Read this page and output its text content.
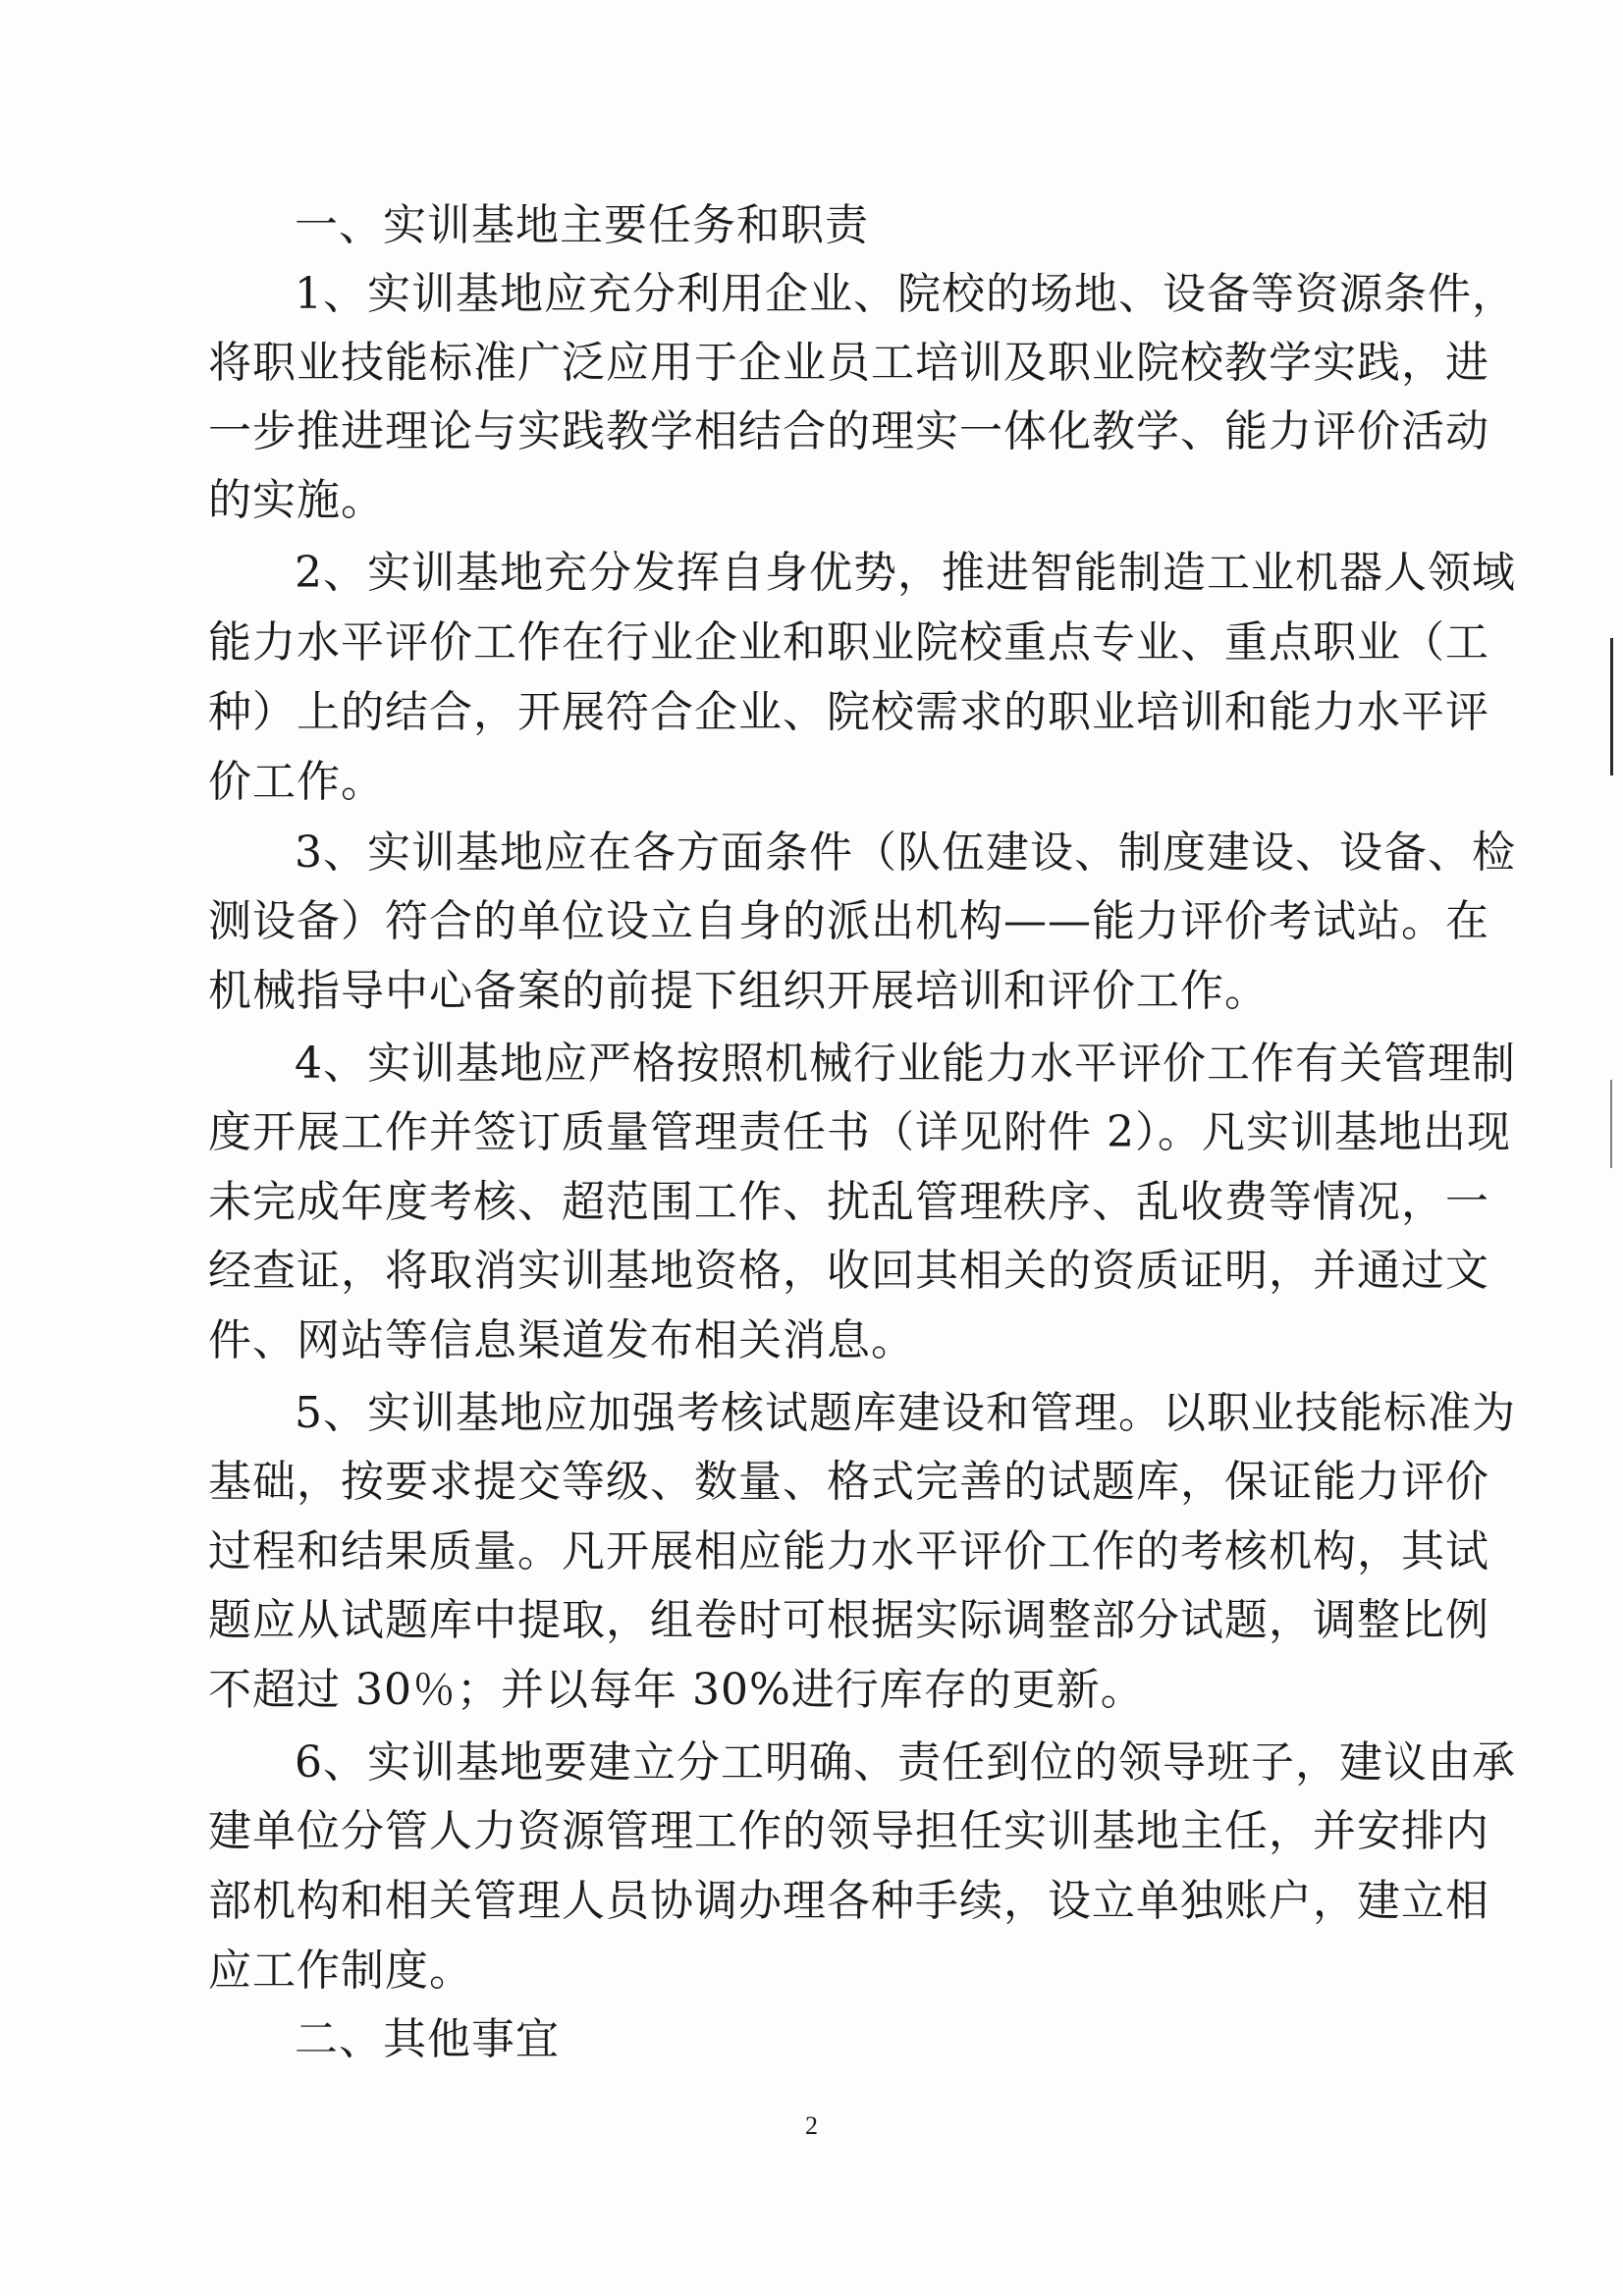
一、实训基地主要任务和职责
1、实训基地应充分利用企业、院校的场地、设备等资源条件，
将职业技能标准广泛应用于企业员工培训及职业院校教学实践，进
一步推进理论与实践教学相结合的理实一体化教学、能力评价活动
的实施。
2、实训基地充分发挥自身优势，推进智能制造工业机器人领域
能力水平评价工作在行业企业和职业院校重点专业、重点职业（工
种）上的结合，开展符合企业、院校需求的职业培训和能力水平评
价工作。
3、实训基地应在各方面条件（队伍建设、制度建设、设备、检
测设备）符合的单位设立自身的派出机构——能力评价考试站。在
机械指导中心备案的前提下组织开展培训和评价工作。
4、实训基地应严格按照机械行业能力水平评价工作有关管理制
度开展工作并签订质量管理责任书（详见附件 2）。凡实训基地出现
未完成年度考核、超范围工作、扰乱管理秩序、乱收费等情况，一
经查证，将取消实训基地资格，收回其相关的资质证明，并通过文
件、网站等信息渠道发布相关消息。
5、实训基地应加强考核试题库建设和管理。以职业技能标准为
基础，按要求提交等级、数量、格式完善的试题库，保证能力评价
过程和结果质量。凡开展相应能力水平评价工作的考核机构，其试
题应从试题库中提取，组卷时可根据实际调整部分试题，调整比例
不超过 30％；并以每年 30%进行库存的更新。
6、实训基地要建立分工明确、责任到位的领导班子，建议由承
建单位分管人力资源管理工作的领导担任实训基地主任，并安排内
部机构和相关管理人员协调办理各种手续，设立单独账户，建立相
应工作制度。
二、其他事宜
2
